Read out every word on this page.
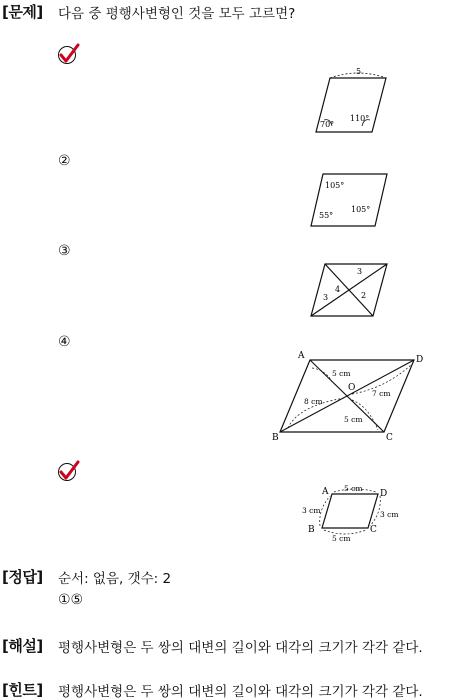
[문제] 다음 중 평행사변형인 것을 모두 고르면?
5
70°
110°
②
105°
55°
105°
③
3
4
3	2
④
A	D
B	C
O
5 cm
7 cm
8 cm
5 cm
A	D
B	C
5 cm
3 cm	3 cm
5 cm
[정답] 순서: 없음, 갯수: 2
①⑤
[해설] 평행사변형은 두 쌍의 대변의 길이와 대각의 크기가 각각 같다.
[힌트] 평행사변형은 두 쌍의 대변의 길이와 대각의 크기가 각각 같다.
